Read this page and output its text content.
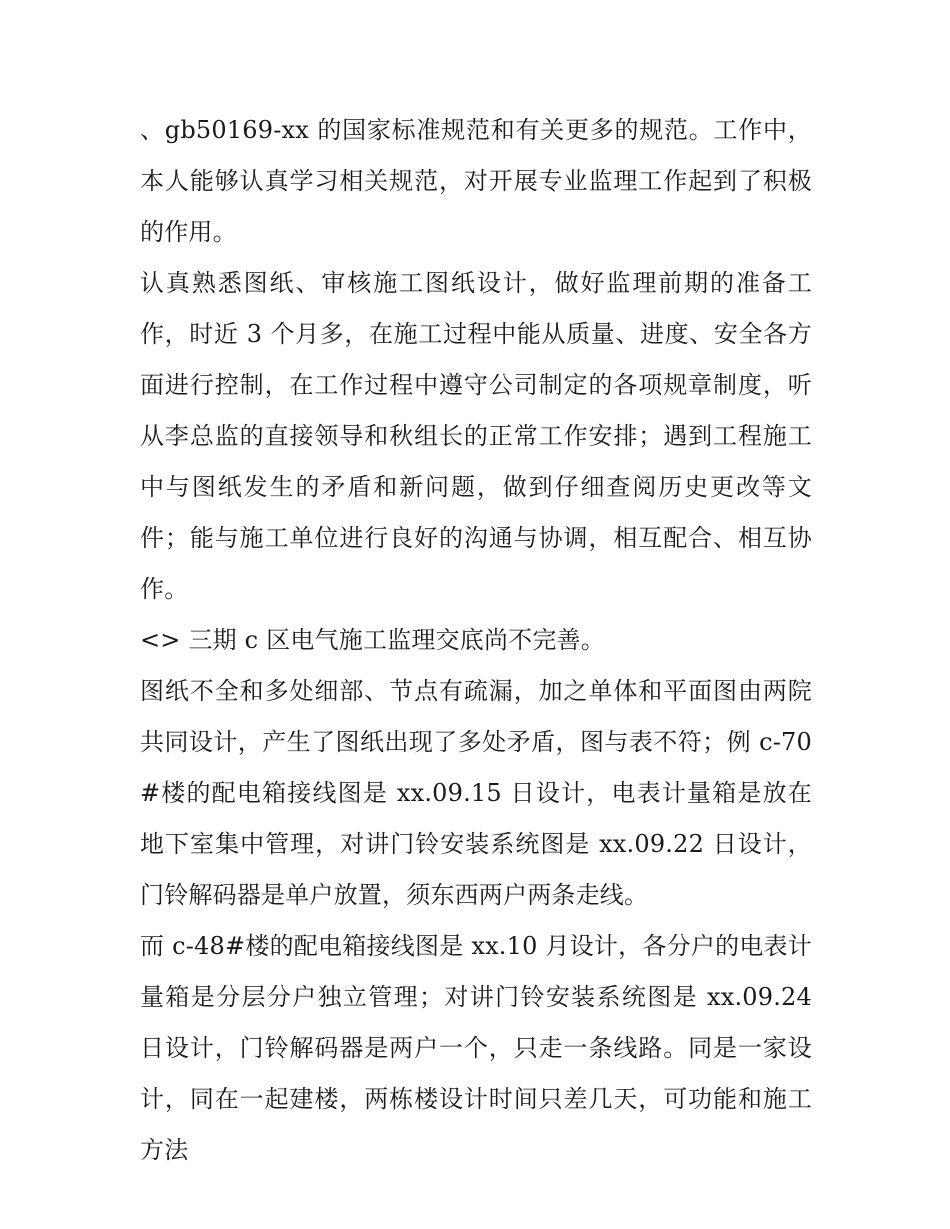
、gb50169-xx 的国家标准规范和有关更多的规范。工作中，本人能够认真学习相关规范，对开展专业监理工作起到了积极的作用。

认真熟悉图纸、审核施工图纸设计，做好监理前期的准备工作，时近 3 个月多，在施工过程中能从质量、进度、安全各方面进行控制，在工作过程中遵守公司制定的各项规章制度，听从李总监的直接领导和秋组长的正常工作安排；遇到工程施工中与图纸发生的矛盾和新问题，做到仔细查阅历史更改等文件；能与施工单位进行良好的沟通与协调，相互配合、相互协作。

<> 三期 c 区电气施工监理交底尚不完善。

图纸不全和多处细部、节点有疏漏，加之单体和平面图由两院共同设计，产生了图纸出现了多处矛盾，图与表不符；例 c-70#楼的配电箱接线图是 xx.09.15 日设计，电表计量箱是放在地下室集中管理，对讲门铃安装系统图是 xx.09.22 日设计，门铃解码器是单户放置，须东西两户两条走线。

而 c-48#楼的配电箱接线图是 xx.10 月设计，各分户的电表计量箱是分层分户独立管理；对讲门铃安装系统图是 xx.09.24 日设计，门铃解码器是两户一个，只走一条线路。同是一家设计，同在一起建楼，两栋楼设计时间只差几天，可功能和施工方法
